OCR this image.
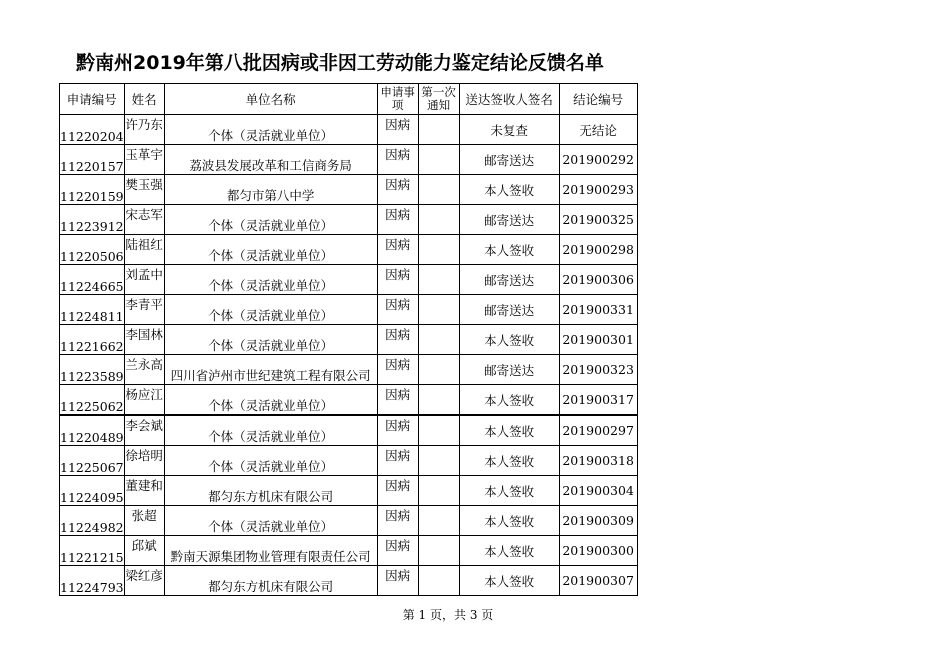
黔南州2019年第八批因病或非因工劳动能力鉴定结论反馈名单
申请编号	姓名	单位名称	申请事项	第一次通知	送达签收人签名	结论编号
11220204	许乃东	个体（灵活就业单位）	因病		未复查	无结论
11220157	玉革宇	荔波县发展改革和工信商务局	因病		邮寄送达	201900292
11220159	樊玉强	都匀市第八中学	因病		本人签收	201900293
11223912	宋志军	个体（灵活就业单位）	因病		邮寄送达	201900325
11220506	陆祖红	个体（灵活就业单位）	因病		本人签收	201900298
11224665	刘孟中	个体（灵活就业单位）	因病		邮寄送达	201900306
11224811	李青平	个体（灵活就业单位）	因病		邮寄送达	201900331
11221662	李国林	个体（灵活就业单位）	因病		本人签收	201900301
11223589	兰永高	四川省泸州市世纪建筑工程有限公司	因病		邮寄送达	201900323
11225062	杨应江	个体（灵活就业单位）	因病		本人签收	201900317
11220489	李会斌	个体（灵活就业单位）	因病		本人签收	201900297
11225067	徐培明	个体（灵活就业单位）	因病		本人签收	201900318
11224095	董建和	都匀东方机床有限公司	因病		本人签收	201900304
11224982	张超	个体（灵活就业单位）	因病		本人签收	201900309
11221215	邱斌	黔南天源集团物业管理有限责任公司	因病		本人签收	201900300
11224793	梁红彦	都匀东方机床有限公司	因病		本人签收	201900307
第 1 页，共 3 页
